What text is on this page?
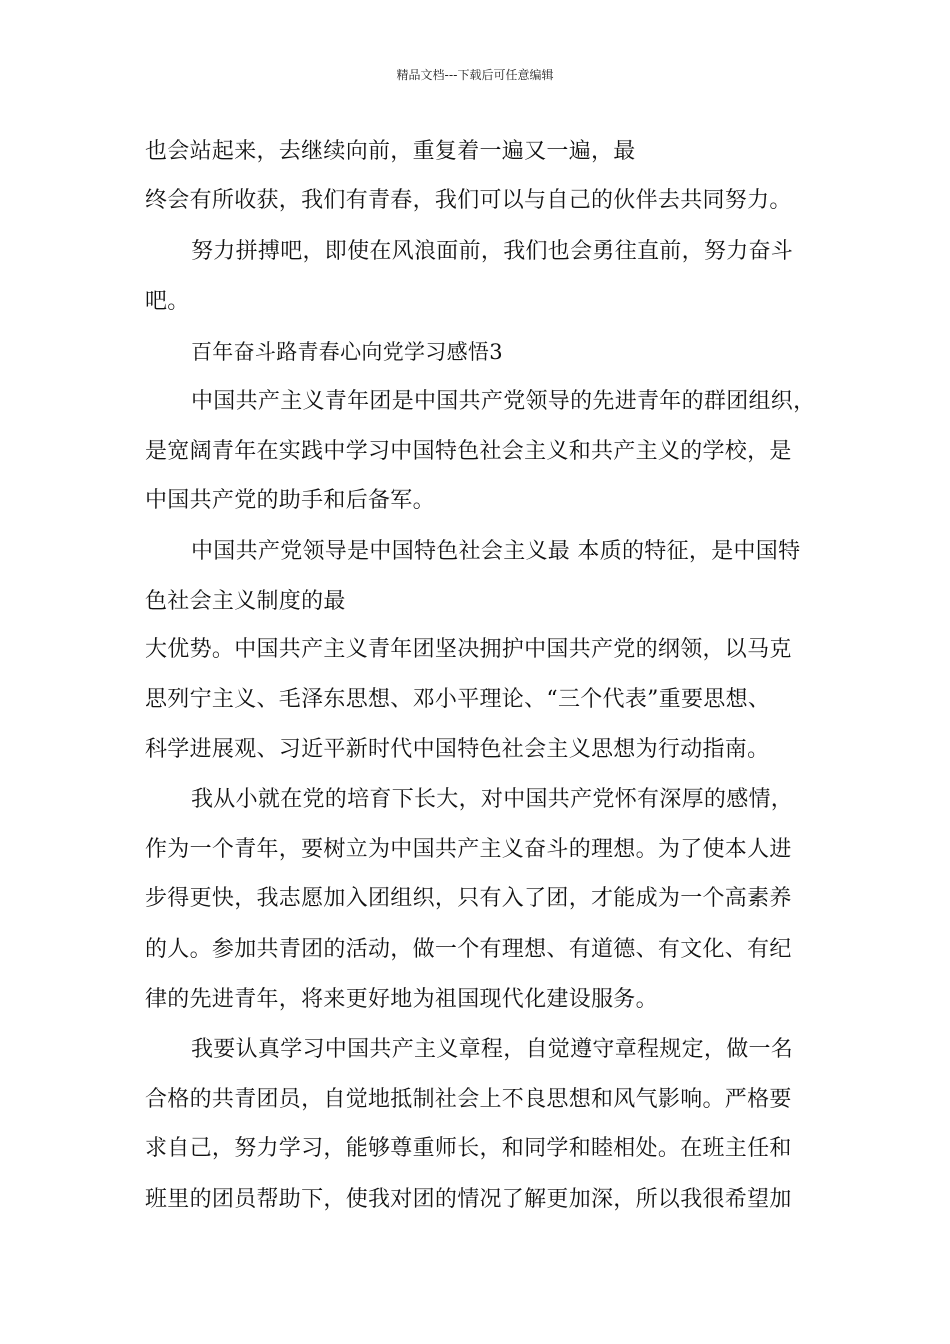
精品文档---下载后可任意编辑
也会站起来，去继续向前，重复着一遍又一遍，最
终会有所收获，我们有青春，我们可以与自己的伙伴去共同努力。
努力拼搏吧，即使在风浪面前，我们也会勇往直前，努力奋斗
吧。
百年奋斗路青春心向党学习感悟3
中国共产主义青年团是中国共产党领导的先进青年的群团组织，
是宽阔青年在实践中学习中国特色社会主义和共产主义的学校，是
中国共产党的助手和后备军。
中国共产党领导是中国特色社会主义最 本质的特征，是中国特
色社会主义制度的最
大优势。中国共产主义青年团坚决拥护中国共产党的纲领，以马克
思列宁主义、毛泽东思想、邓小平理论、“三个代表”重要思想、
科学进展观、习近平新时代中国特色社会主义思想为行动指南。
我从小就在党的培育下长大，对中国共产党怀有深厚的感情，
作为一个青年，要树立为中国共产主义奋斗的理想。为了使本人进
步得更快，我志愿加入团组织，只有入了团，才能成为一个高素养
的人。参加共青团的活动，做一个有理想、有道德、有文化、有纪
律的先进青年，将来更好地为祖国现代化建设服务。
我要认真学习中国共产主义章程，自觉遵守章程规定，做一名
合格的共青团员，自觉地抵制社会上不良思想和风气影响。严格要
求自己，努力学习，能够尊重师长，和同学和睦相处。在班主任和
班里的团员帮助下，使我对团的情况了解更加深，所以我很希望加
